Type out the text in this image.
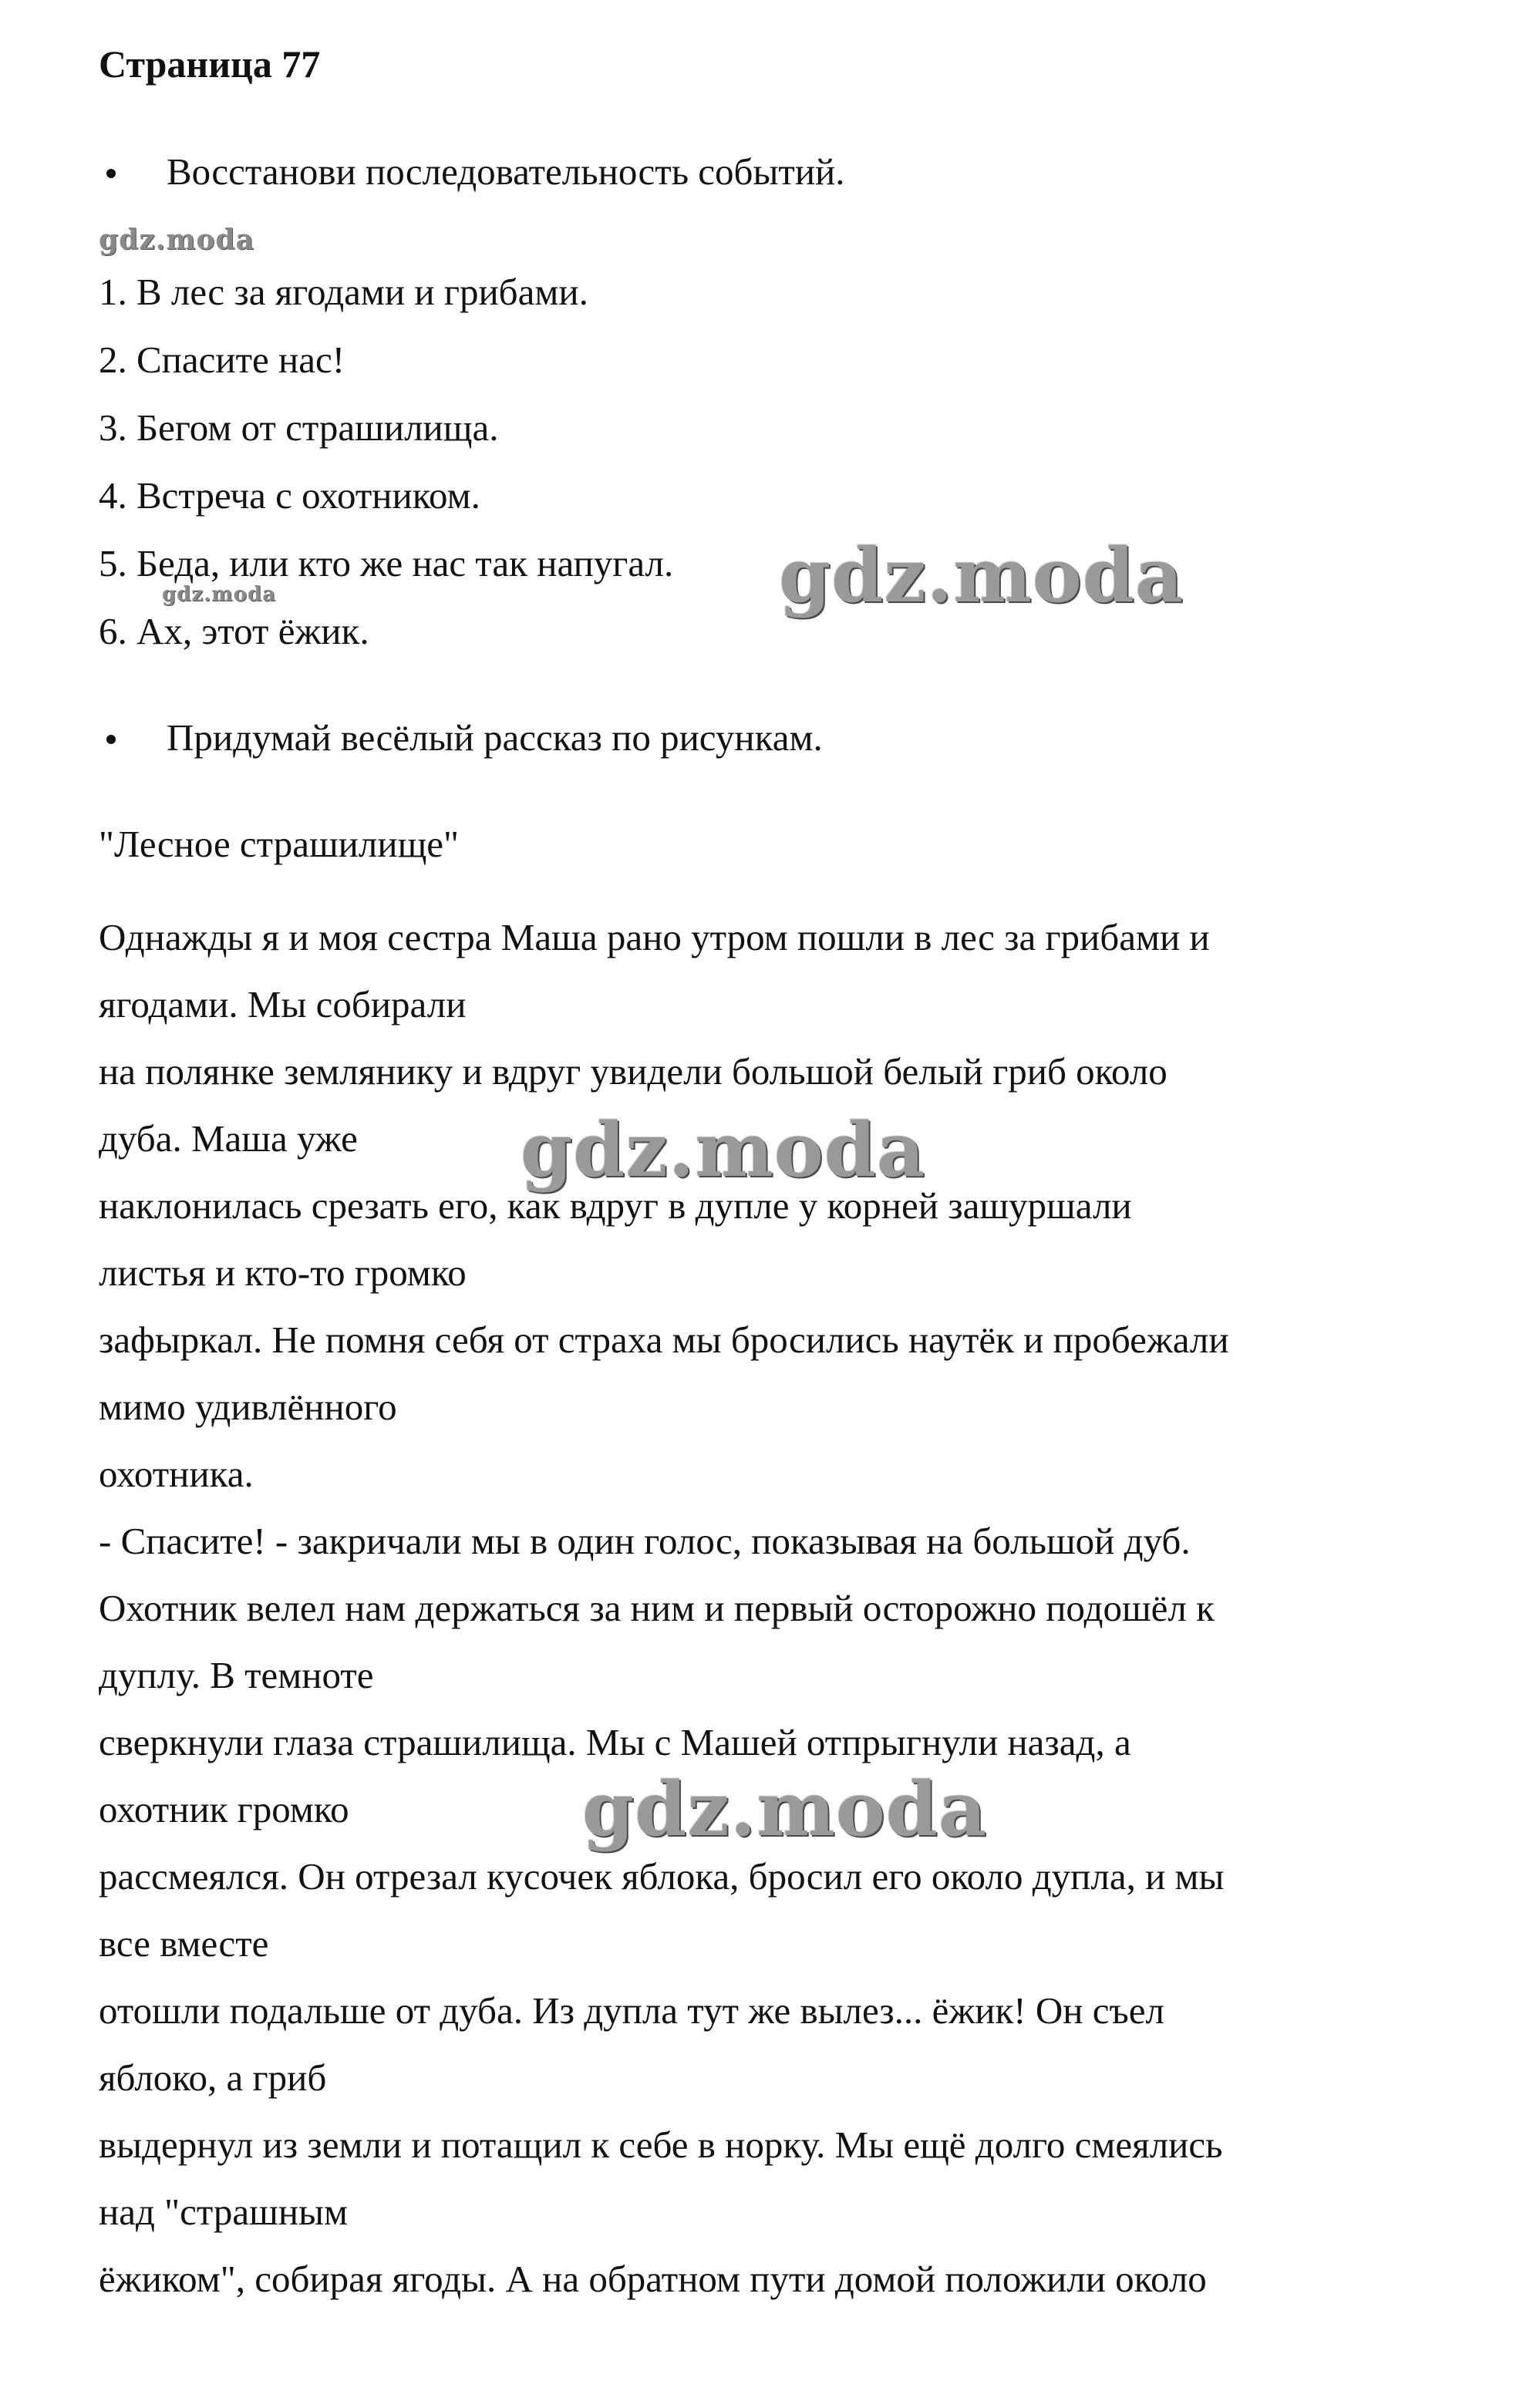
Страница 77
Восстанови последовательность событий.
1. В лес за ягодами и грибами.
2. Спасите нас!
3. Бегом от страшилища.
4. Встреча с охотником.
5. Беда, или кто же нас так напугал.
6. Ах, этот ёжик.
Придумай весёлый рассказ по рисункам.

"Лесное страшилище"

Однажды я и моя сестра Маша рано утром пошли в лес за грибами и
ягодами. Мы собирали
на полянке землянику и вдруг увидели большой белый гриб около
дуба. Маша уже
наклонилась срезать его, как вдруг в дупле у корней зашуршали
листья и кто-то громко
зафыркал. Не помня себя от страха мы бросились наутёк и пробежали
мимо удивлённого
охотника.
- Спасите! - закричали мы в один голос, показывая на большой дуб.
Охотник велел нам держаться за ним и первый осторожно подошёл к
дуплу. В темноте
сверкнули глаза страшилища. Мы с Машей отпрыгнули назад, а
охотник громко
рассмеялся. Он отрезал кусочек яблока, бросил его около дупла, и мы
все вместе
отошли подальше от дуба. Из дупла тут же вылез... ёжик! Он съел
яблоко, а гриб
выдернул из земли и потащил к себе в норку. Мы ещё долго смеялись
над "страшным
ёжиком", собирая ягоды. А на обратном пути домой положили около
gdz.moda
gdz.moda	gdz.moda
gdz.moda
gdz.moda
